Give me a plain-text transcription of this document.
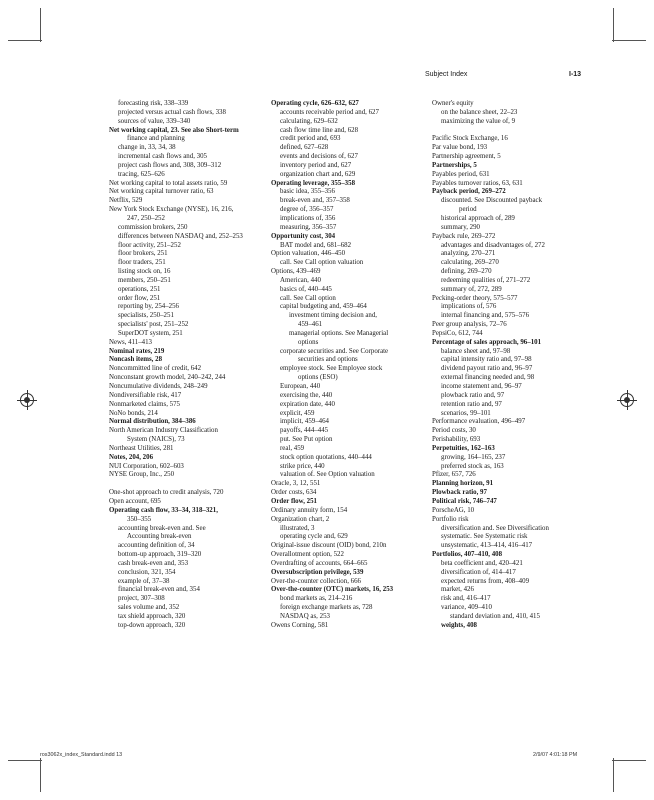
Subject Index	I-13
forecasting risk, 338–339
projected versus actual cash flows, 338
sources of value, 339–340
Net working capital, 23. See also Short-term
finance and planning
change in, 33, 34, 38
incremental cash flows and, 305
project cash flows and, 308, 309–312
tracing, 625–626
Net working capital to total assets ratio, 59
Net working capital turnover ratio, 63
Netflix, 529
New York Stock Exchange (NYSE), 16, 216,
247, 250–252
commission brokers, 250
differences between NASDAQ and, 252–253
floor activity, 251–252
floor brokers, 251
floor traders, 251
listing stock on, 16
members, 250–251
operations, 251
order flow, 251
reporting by, 254–256
specialists, 250–251
specialists' post, 251–252
SuperDOT system, 251
News, 411–413
Nominal rates, 219
Noncash items, 28
Noncommitted line of credit, 642
Nonconstant growth model, 240–242, 244
Noncumulative dividends, 248–249
Nondiversifiable risk, 417
Nonmarketed claims, 575
NoNo bonds, 214
Normal distribution, 384–386
North American Industry Classification
System (NAICS), 73
Northeast Utilities, 281
Notes, 204, 206
NUI Corporation, 602–603
NYSE Group, Inc., 250
One-shot approach to credit analysis, 720
Open account, 695
Operating cash flow, 33–34, 318–321,
350–355
accounting break-even and. See
Accounting break-even
accounting definition of, 34
bottom-up approach, 319–320
cash break-even and, 353
conclusion, 321, 354
example of, 37–38
financial break-even and, 354
project, 307–308
sales volume and, 352
tax shield approach, 320
top-down approach, 320
Operating cycle, 626–632, 627
accounts receivable period and, 627
calculating, 629–632
cash flow time line and, 628
credit period and, 693
defined, 627–628
events and decisions of, 627
inventory period and, 627
organization chart and, 629
Operating leverage, 355–358
basic idea, 355–356
break-even and, 357–358
degree of, 356–357
implications of, 356
measuring, 356–357
Opportunity cost, 304
BAT model and, 681–682
Option valuation, 446–450
call. See Call option valuation
Options, 439–469
American, 440
basics of, 440–445
call. See Call option
capital budgeting and, 459–464
investment timing decision and,
459–461
managerial options. See Managerial
options
corporate securities and. See Corporate
securities and options
employee stock. See Employee stock
options (ESO)
European, 440
exercising the, 440
expiration date, 440
explicit, 459
implicit, 459–464
payoffs, 444–445
put. See Put option
real, 459
stock option quotations, 440–444
strike price, 440
valuation of. See Option valuation
Oracle, 3, 12, 551
Order costs, 634
Order flow, 251
Ordinary annuity form, 154
Organization chart, 2
illustrated, 3
operating cycle and, 629
Original-issue discount (OID) bond, 210n
Overallotment option, 522
Overdrafting of accounts, 664–665
Oversubscription privilege, 539
Over-the-counter collection, 666
Over-the-counter (OTC) markets, 16, 253
bond markets as, 214–216
foreign exchange markets as, 728
NASDAQ as, 253
Owens Corning, 581
Owner's equity
on the balance sheet, 22–23
maximizing the value of, 9
Pacific Stock Exchange, 16
Par value bond, 193
Partnership agreement, 5
Partnerships, 5
Payables period, 631
Payables turnover ratios, 63, 631
Payback period, 269–272
discounted. See Discounted payback
period
historical approach of, 289
summary, 290
Payback rule, 269–272
advantages and disadvantages of, 272
analyzing, 270–271
calculating, 269–270
defining, 269–270
redeeming qualities of, 271–272
summary of, 272, 289
Pecking-order theory, 575–577
implications of, 576
internal financing and, 575–576
Peer group analysis, 72–76
PepsiCo, 612, 744
Percentage of sales approach, 96–101
balance sheet and, 97–98
capital intensity ratio and, 97–98
dividend payout ratio and, 96–97
external financing needed and, 98
income statement and, 96–97
plowback ratio and, 97
retention ratio and, 97
scenarios, 99–101
Performance evaluation, 496–497
Period costs, 30
Perishability, 693
Perpetuities, 162–163
growing, 164–165, 237
preferred stock as, 163
Pfizer, 657, 726
Planning horizon, 91
Plowback ratio, 97
Political risk, 746–747
PorscheAG, 10
Portfolio risk
diversification and. See Diversification
systematic. See Systematic risk
unsystematic, 413–414, 416–417
Portfolios, 407–410, 408
beta coefficient and, 420–421
diversification of, 414–417
expected returns from, 408–409
market, 426
risk and, 416–417
variance, 409–410
standard deviation and, 410, 415
weights, 408
ros3062x_index_Standard.indd 13	2/9/07 4:01:18 PM
